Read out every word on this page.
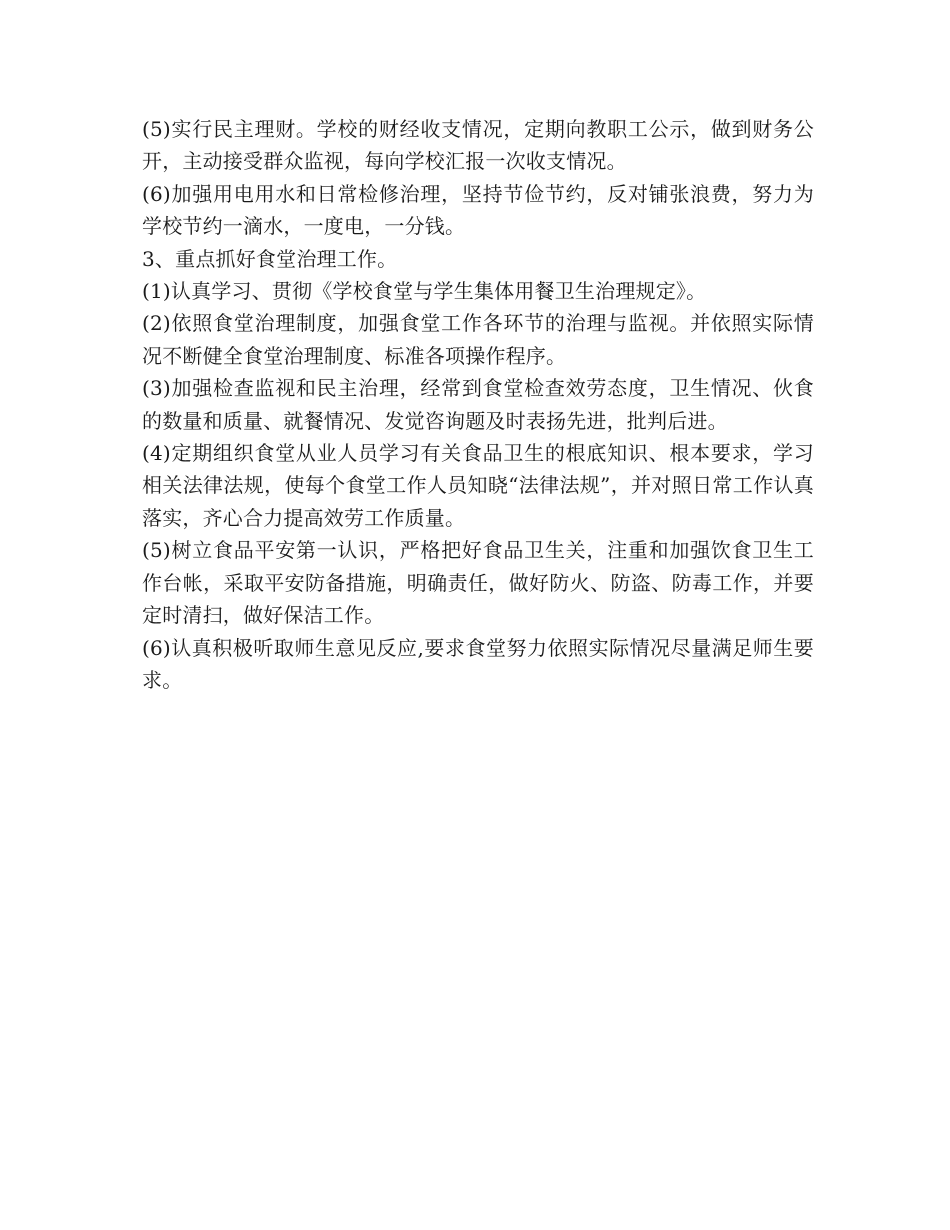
(5)实行民主理财。学校的财经收支情况，定期向教职工公示，做到财务公开，主动接受群众监视，每向学校汇报一次收支情况。

(6)加强用电用水和日常检修治理，坚持节俭节约，反对铺张浪费，努力为学校节约一滴水，一度电，一分钱。

3、重点抓好食堂治理工作。

(1)认真学习、贯彻《学校食堂与学生集体用餐卫生治理规定》。

(2)依照食堂治理制度，加强食堂工作各环节的治理与监视。并依照实际情况不断健全食堂治理制度、标准各项操作程序。

(3)加强检查监视和民主治理，经常到食堂检查效劳态度，卫生情况、伙食的数量和质量、就餐情况、发觉咨询题及时表扬先进，批判后进。

(4)定期组织食堂从业人员学习有关食品卫生的根底知识、根本要求，学习相关法律法规，使每个食堂工作人员知晓“法律法规”，并对照日常工作认真落实，齐心合力提高效劳工作质量。

(5)树立食品平安第一认识，严格把好食品卫生关，注重和加强饮食卫生工作台帐，采取平安防备措施，明确责任，做好防火、防盗、防毒工作，并要定时清扫，做好保洁工作。

(6)认真积极听取师生意见反应,要求食堂努力依照实际情况尽量满足师生要求。
